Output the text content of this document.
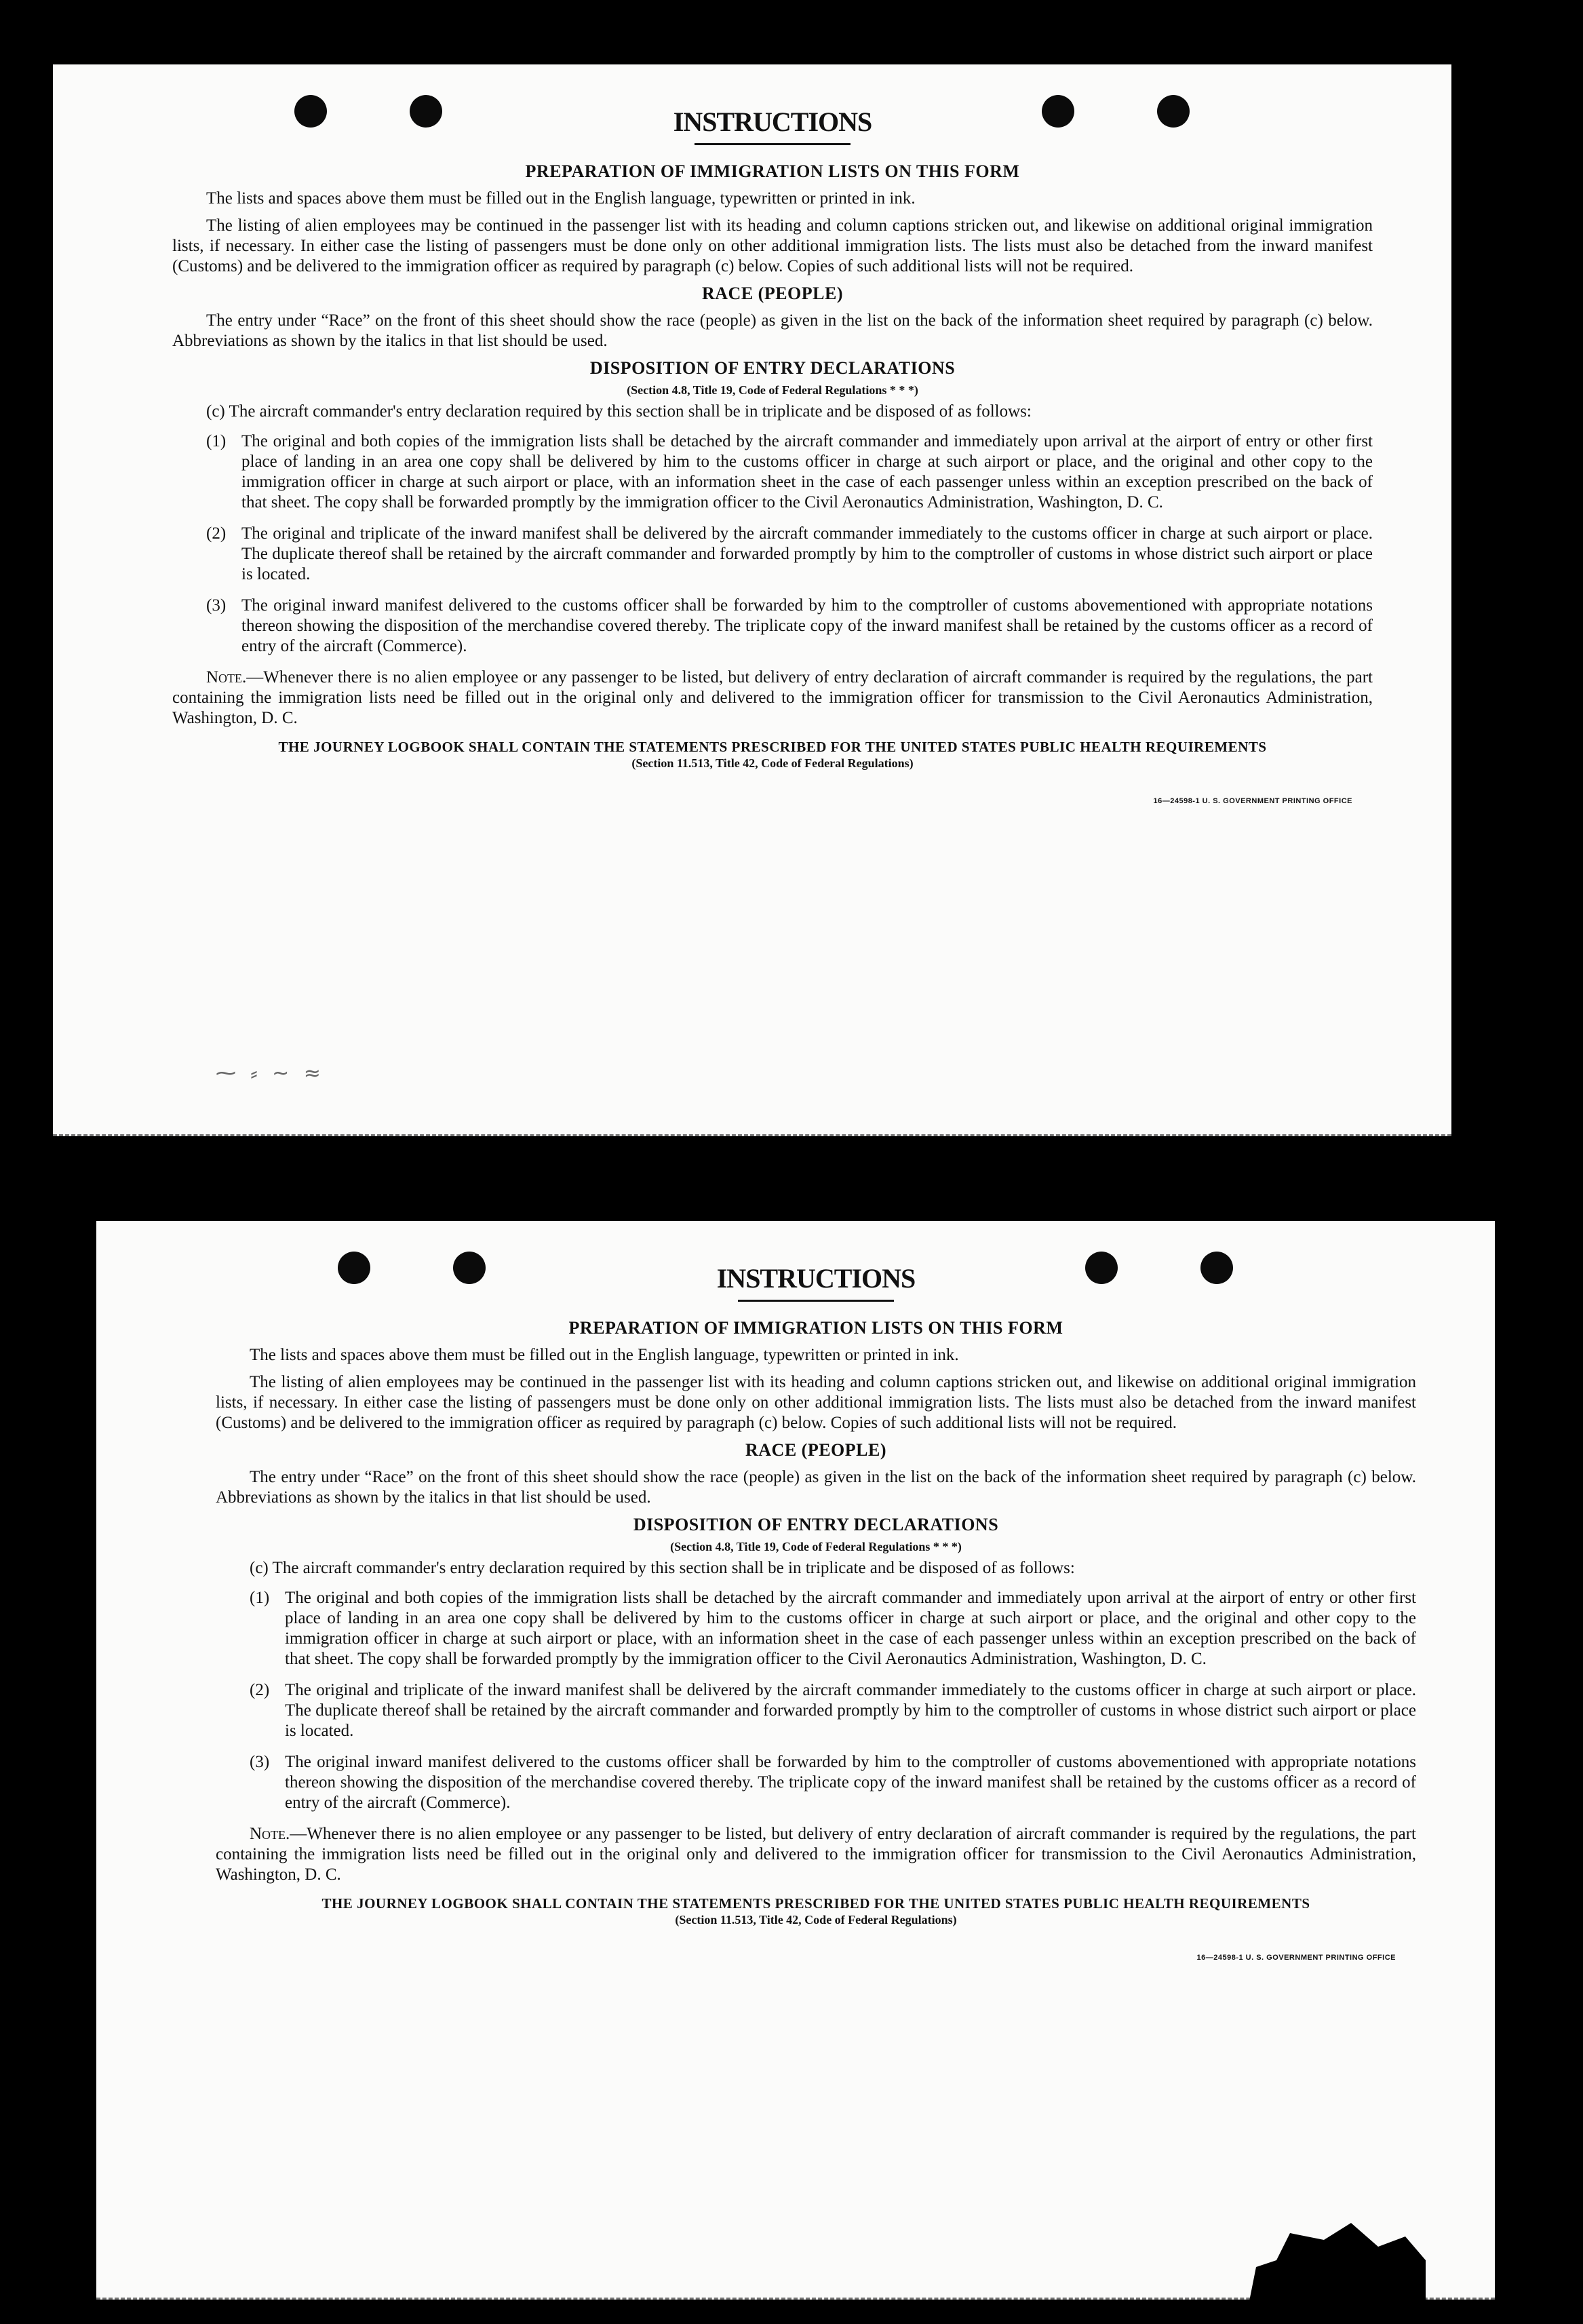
INSTRUCTIONS
PREPARATION OF IMMIGRATION LISTS ON THIS FORM

The lists and spaces above them must be filled out in the English language, typewritten or printed in ink.

The listing of alien employees may be continued in the passenger list with its heading and column captions stricken out, and likewise on additional original immigration lists, if necessary. In either case the listing of passengers must be done only on other additional immigration lists. The lists must also be detached from the inward manifest (Customs) and be delivered to the immigration officer as required by paragraph (c) below. Copies of such additional lists will not be required.

RACE (PEOPLE)

The entry under “Race” on the front of this sheet should show the race (people) as given in the list on the back of the information sheet required by paragraph (c) below. Abbreviations as shown by the italics in that list should be used.

DISPOSITION OF ENTRY DECLARATIONS
(Section 4.8, Title 19, Code of Federal Regulations * * *)

(c) The aircraft commander's entry declaration required by this section shall be in triplicate and be disposed of as follows:

(1) The original and both copies of the immigration lists shall be detached by the aircraft commander and immediately upon arrival at the airport of entry or other first place of landing in an area one copy shall be delivered by him to the customs officer in charge at such airport or place, and the original and other copy to the immigration officer in charge at such airport or place, with an information sheet in the case of each passenger unless within an exception prescribed on the back of that sheet. The copy shall be forwarded promptly by the immigration officer to the Civil Aeronautics Administration, Washington, D. C.
(2) The original and triplicate of the inward manifest shall be delivered by the aircraft commander immediately to the customs officer in charge at such airport or place. The duplicate thereof shall be retained by the aircraft commander and forwarded promptly by him to the comptroller of customs in whose district such airport or place is located.
(3) The original inward manifest delivered to the customs officer shall be forwarded by him to the comptroller of customs abovementioned with appropriate notations thereon showing the disposition of the merchandise covered thereby. The triplicate copy of the inward manifest shall be retained by the customs officer as a record of entry of the aircraft (Commerce).

Note.—Whenever there is no alien employee or any passenger to be listed, but delivery of entry declaration of aircraft commander is required by the regulations, the part containing the immigration lists need be filled out in the original only and delivered to the immigration officer for transmission to the Civil Aeronautics Administration, Washington, D. C.

THE JOURNEY LOGBOOK SHALL CONTAIN THE STATEMENTS PRESCRIBED FOR THE UNITED STATES PUBLIC HEALTH REQUIREMENTS
(Section 11.513, Title 42, Code of Federal Regulations)
16—24598-1 U. S. GOVERNMENT PRINTING OFFICE
⁓ ⸗ ~ ≈
INSTRUCTIONS
PREPARATION OF IMMIGRATION LISTS ON THIS FORM

The lists and spaces above them must be filled out in the English language, typewritten or printed in ink.

The listing of alien employees may be continued in the passenger list with its heading and column captions stricken out, and likewise on additional original immigration lists, if necessary. In either case the listing of passengers must be done only on other additional immigration lists. The lists must also be detached from the inward manifest (Customs) and be delivered to the immigration officer as required by paragraph (c) below. Copies of such additional lists will not be required.

RACE (PEOPLE)

The entry under “Race” on the front of this sheet should show the race (people) as given in the list on the back of the information sheet required by paragraph (c) below. Abbreviations as shown by the italics in that list should be used.

DISPOSITION OF ENTRY DECLARATIONS
(Section 4.8, Title 19, Code of Federal Regulations * * *)

(c) The aircraft commander's entry declaration required by this section shall be in triplicate and be disposed of as follows:

(1) The original and both copies of the immigration lists shall be detached by the aircraft commander and immediately upon arrival at the airport of entry or other first place of landing in an area one copy shall be delivered by him to the customs officer in charge at such airport or place, and the original and other copy to the immigration officer in charge at such airport or place, with an information sheet in the case of each passenger unless within an exception prescribed on the back of that sheet. The copy shall be forwarded promptly by the immigration officer to the Civil Aeronautics Administration, Washington, D. C.
(2) The original and triplicate of the inward manifest shall be delivered by the aircraft commander immediately to the customs officer in charge at such airport or place. The duplicate thereof shall be retained by the aircraft commander and forwarded promptly by him to the comptroller of customs in whose district such airport or place is located.
(3) The original inward manifest delivered to the customs officer shall be forwarded by him to the comptroller of customs abovementioned with appropriate notations thereon showing the disposition of the merchandise covered thereby. The triplicate copy of the inward manifest shall be retained by the customs officer as a record of entry of the aircraft (Commerce).

Note.—Whenever there is no alien employee or any passenger to be listed, but delivery of entry declaration of aircraft commander is required by the regulations, the part containing the immigration lists need be filled out in the original only and delivered to the immigration officer for transmission to the Civil Aeronautics Administration, Washington, D. C.

THE JOURNEY LOGBOOK SHALL CONTAIN THE STATEMENTS PRESCRIBED FOR THE UNITED STATES PUBLIC HEALTH REQUIREMENTS
(Section 11.513, Title 42, Code of Federal Regulations)
16—24598-1 U. S. GOVERNMENT PRINTING OFFICE
